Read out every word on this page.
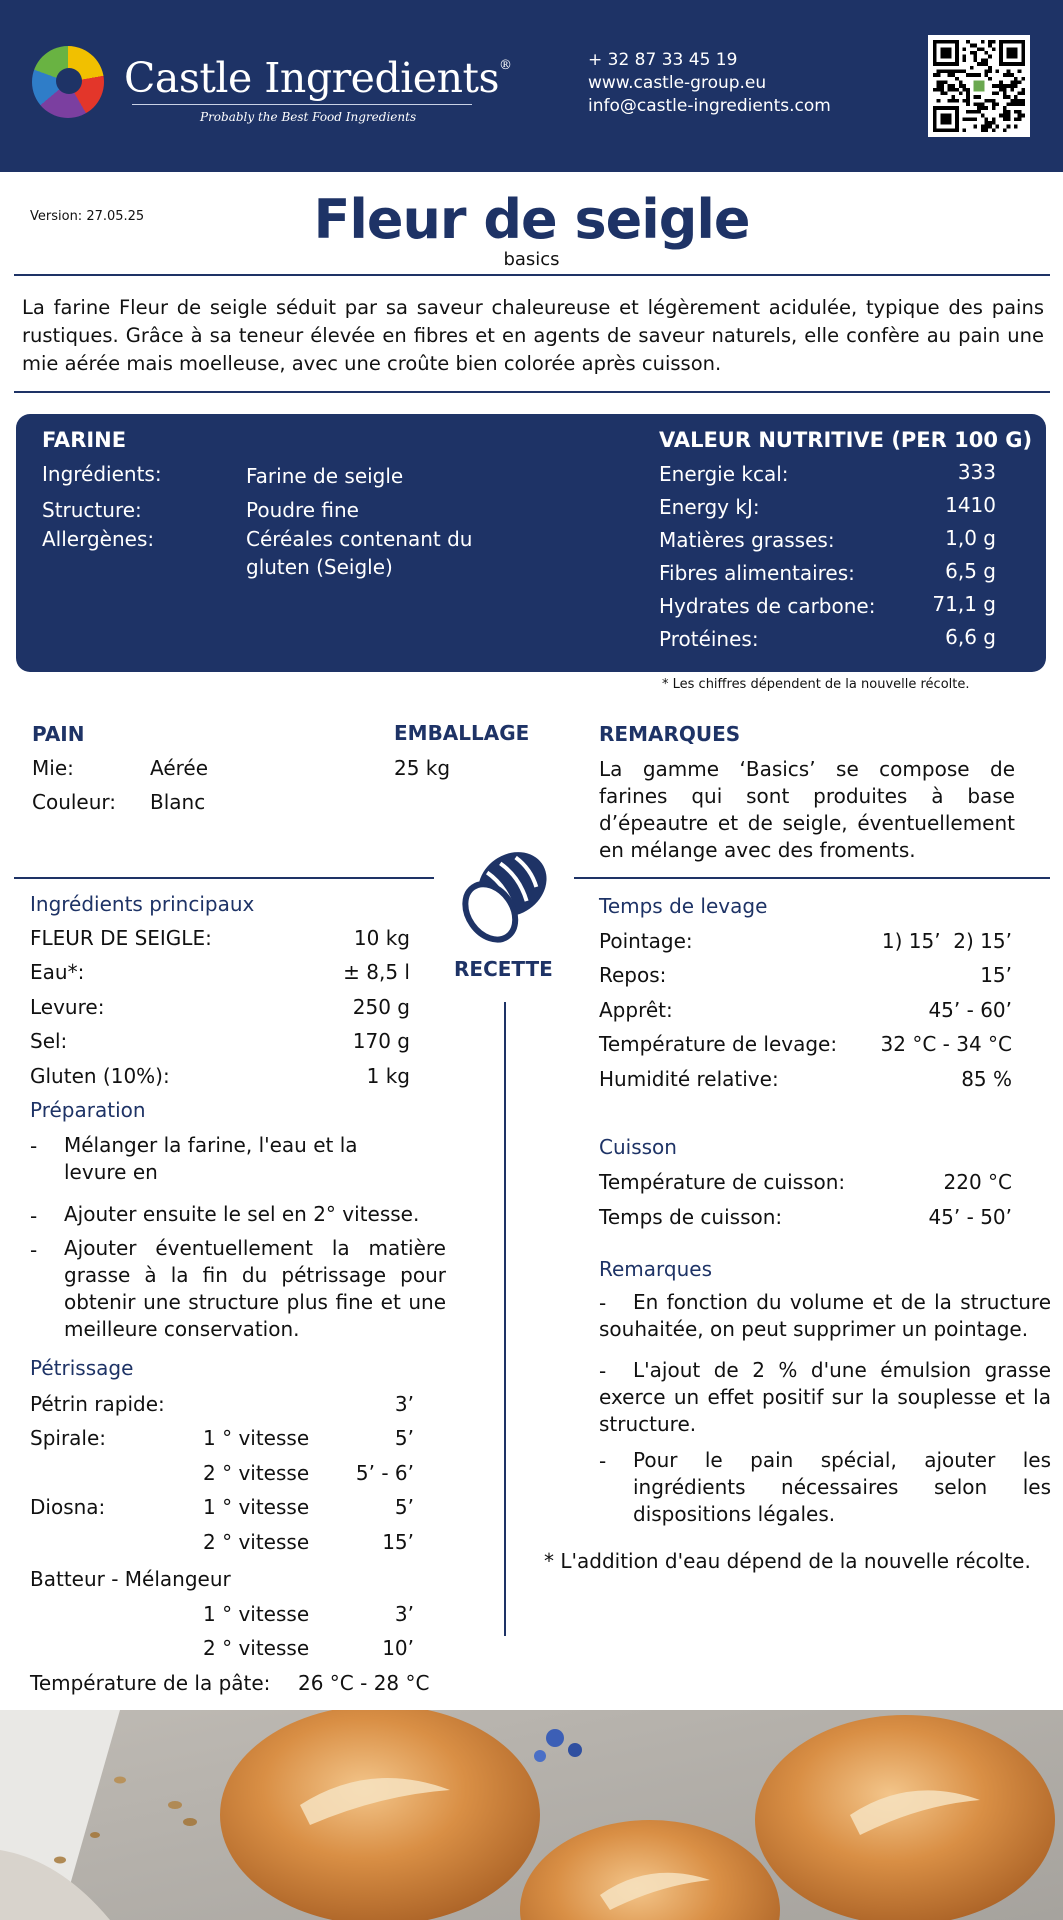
Castle Ingredients®
Probably the Best Food Ingredients
+ 32 87 33 45 19
www.castle-group.eu
info@castle-ingredients.com
Version: 27.05.25	Fleur de seigle
basics
La farine Fleur de seigle séduit par sa saveur chaleureuse et légèrement acidulée, typique des pains rustiques. Grâce à sa teneur élevée en fibres et en agents de saveur naturels, elle confère au pain une mie aérée mais moelleuse, avec une croûte bien colorée après cuisson.
FARINE
Ingrédients:	Farine de seigle
Structure:	Poudre fine
Allergènes:	Céréales contenant du gluten (Seigle)
VALEUR NUTRITIVE (PER 100 G)
Energie kcal:	333
Energy kJ:	1410
Matières grasses:	1,0 g
Fibres alimentaires:	6,5 g
Hydrates de carbone:	71,1 g
Protéines:	6,6 g
* Les chiffres dépendent de la nouvelle récolte.
PAIN
Mie:	Aérée
Couleur: Blanc
EMBALLAGE
25 kg
REMARQUES
La gamme ‘Basics’ se compose de farines qui sont produites à base d’épeautre et de seigle, éventuellement en mélange avec des froments.
RECETTE
Ingrédients principaux
FLEUR DE SEIGLE:	10 kg
Eau*:	± 8,5 l
Levure:	250 g
Sel:	170 g
Gluten (10%):	1 kg
Préparation
- Mélanger la farine, l'eau et la levure en
- Ajouter ensuite le sel en 2° vitesse.
- Ajouter éventuellement la matière grasse à la fin du pétrissage pour obtenir une structure plus fine et une meilleure conservation.
Pétrissage
Pétrin rapide:	3’
Spirale:	1 ° vitesse	5’
2 ° vitesse	5’ - 6’
Diosna:	1 ° vitesse	5’
2 ° vitesse	15’
Batteur - Mélangeur
1 ° vitesse	3’
2 ° vitesse	10’
Température de la pâte: 26 °C - 28 °C
Temps de levage
Pointage:	1) 15’  2) 15’
Repos:	15’
Apprêt:	45’ - 60’
Température de levage:	32 °C - 34 °C
Humidité relative:	85 %
Cuisson
Température de cuisson:	220 °C
Temps de cuisson:	45’ - 50’
Remarques
-	En fonction du volume et de la structure souhaitée, on peut supprimer un pointage.
-	L'ajout de 2 % d'une émulsion grasse exerce un effet positif sur la souplesse et la structure.
- Pour le pain spécial, ajouter les ingrédients nécessaires selon les dispositions légales.
* L'addition d'eau dépend de la nouvelle récolte.
